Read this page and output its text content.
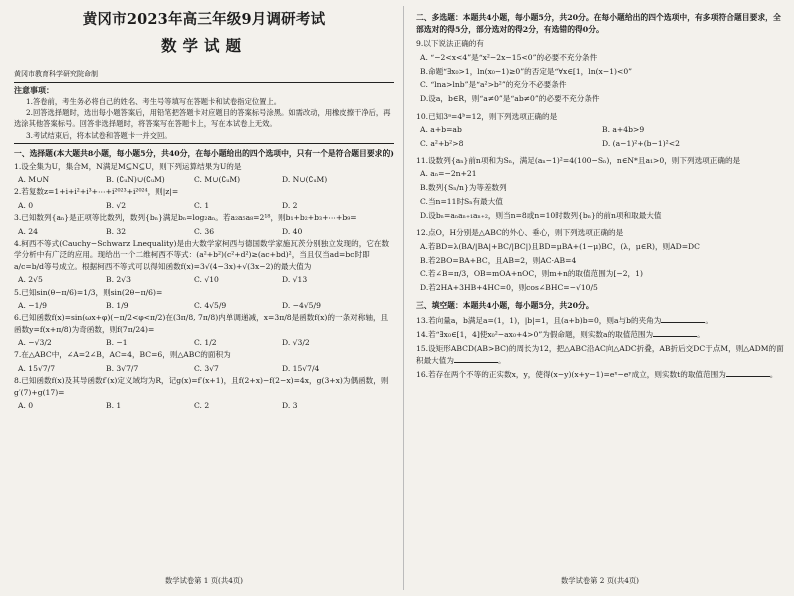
黄冈市2023年高三年级9月调研考试
数学试题
黄冈市教育科学研究院命制
注意事项：
1.答卷前，考生务必将自己的姓名、考生号等填写在答题卡和试卷指定位置上。
2.回答选择题时，选出每小题答案后，用铅笔把答题卡对应题目的答案标号涂黑。如需改动，用橡皮擦干净后，再选涂其他答案标号。回答非选择题时，将答案写在答题卡上，写在本试卷上无效。
3.考试结束后，将本试卷和答题卡一并交回。
一、选择题(本大题共8小题，每小题5分，共40分，在每小题给出的四个选项中，只有一个是符合题目要求的)
1.设全集为U，集合M，N满足M⊆N⊆U，则下列运算结果为U的是
A. M∪N	B. (∁ᵤN)∪(∁ᵤM)	C. M∪(∁ᵤM)	D. N∪(∁ᵤM)
2.若复数z=1+i+i²+i³+⋯+i²⁰²³+i²⁰²⁴，则|z|=
A. 0	B. √2	C. 1	D. 2
3.已知数列{aₙ}是正项等比数列，数列{bₙ}满足bₙ=log₂aₙ。若a₂a₅a₈=2¹⁸，则b₁+b₂+b₃+⋯+b₉=
A. 24	B. 32	C. 36	D. 40
4.柯西不等式(Cauchy−Schwarz Lnequality)是由大数学家柯西与德国数学家施瓦茨分别独立发现的，它在数学分析中有广泛的应用。现给出一个二维柯西不等式：(a²+b²)(c²+d²)≥(ac+bd)²，当且仅当ad=bc时即a/c=b/d等号成立。根据柯西不等式可以得知函数f(x)=3√(4−3x)+√(3x−2)的最大值为
A. 2√5	B. 2√3	C. √10	D. √13
5.已知sin(θ−π/6)=1/3，则sin(2θ−π/6)=
A. −1/9	B. 1/9	C. 4√5/9	D. −4√5/9
6.已知函数f(x)=sin(ωx+φ)(−π/2<φ<π/2)在(3π/8, 7π/8)内单调递减，x=3π/8是函数f(x)的一条对称轴，且函数y=f(x+π/8)为奇函数，则f(7π/24)=
A. −√3/2	B. −1	C. 1/2	D. √3/2
7.在△ABC中，∠A=2∠B，AC=4，BC=6，则△ABC的面积为
A. 15√7/7	B. 3√7/7	C. 3√7	D. 15√7/4
8.已知函数f(x)及其导函数f′(x)定义域均为R，记g(x)=f′(x+1)，且f(2+x)−f(2−x)=4x，g(3+x)为偶函数，则g′(7)+g(17)=
A. 0	B. 1	C. 2	D. 3
数学试卷第 1 页(共4页)
二、多选题：本题共4小题，每小题5分，共20分。在每小题给出的四个选项中，有多项符合题目要求，全部选对的得5分，部分选对的得2分，有选错的得0分。
9.以下说法正确的有
A. “−2<x<4”是“x²−2x−15<0”的必要不充分条件
B.命题“∃x₀>1，ln(x₀−1)≥0”的否定是“∀x∈[1，ln(x−1)<0”
C. “lna>lnb”是“a²>b²”的充分不必要条件
D.设a，b∈R，则“a≠0”是“ab≠0”的必要不充分条件
10.已知3ᵃ=4ᵇ=12，则下列选项正确的是
A. a+b=ab	B. a+4b>9
C. a²+b²>8	D. (a−1)²+(b−1)²<2
11.设数列{aₙ}前n项和为Sₙ，满足(aₙ−1)²=4(100−Sₙ)，n∈N*且a₁>0，则下列选项正确的是
A. aₙ=−2n+21
B.数列{Sₙ/n}为等差数列
C.当n=11时Sₙ有最大值
D.设bₙ=aₙaₙ₊₁aₙ₊₂，则当n=8或n=10时数列{bₙ}的前n项和取最大值
12.点O，H分别是△ABC的外心、垂心，则下列选项正确的是
A.若BD=λ(BA/|BA|+BC/|BC|)且BD=μBA+(1−μ)BC，(λ，μ∈R)，则AD=DC
B.若2BO=BA+BC，且AB=2，则AC·AB=4
C.若∠B=π/3，OB=mOA+nOC，则m+n的取值范围为[−2，1)
D.若2HA+3HB+4HC=0，则cos∠BHC=−√10/5
三、填空题：本题共4小题，每小题5分，共20分。
13.若向量a，b满足a=(1，1)，|b|=1，且(a+b)b=0，则a与b的夹角为	。
14.若“∃x₀∈[1，4]使x₀²−ax₀+4>0”为假命题，则实数a的取值范围为	。
15.设矩形ABCD(AB>BC)的周长为12，把△ABC沿AC向△ADC折叠，AB折后交DC于点M，则△ADM的面积最大值为	。
16.若存在两个不等的正实数x，y，使得(x−y)(x+y−1)=eˣ−eʸ成立，则实数t的取值范围为	。
数学试卷第 2 页(共4页)
